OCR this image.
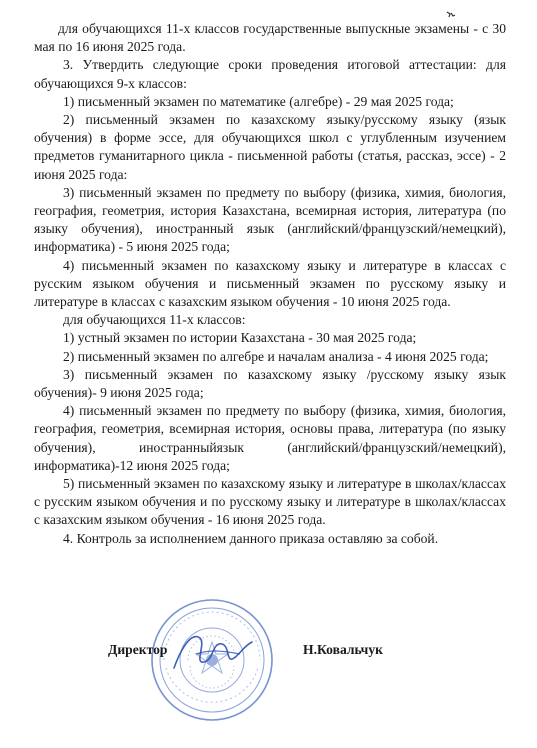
для обучающихся 11-х классов государственные выпускные экзамены - с 30 мая по 16 июня 2025 года.

3. Утвердить следующие сроки проведения итоговой аттестации: для обучающихся 9-х классов:

1) письменный экзамен по математике (алгебре) - 29 мая 2025 года;

2) письменный экзамен по казахскому языку/русскому языку (язык обучения) в форме эссе, для обучающихся школ с углубленным изучением предметов гуманитарного цикла - письменной работы (статья, рассказ, эссе) - 2 июня 2025 года:

3) письменный экзамен по предмету по выбору (физика, химия, биология, география, геометрия, история Казахстана, всемирная история, литература (по языку обучения), иностранный язык (английский/французский/немецкий), информатика) - 5 июня 2025 года;

4) письменный экзамен по казахскому языку и литературе в классах с русским языком обучения и письменный экзамен по русскому языку и литературе в классах с казахским языком обучения - 10 июня 2025 года.

для обучающихся 11-х классов:

1) устный экзамен по истории Казахстана - 30 мая 2025 года;

2) письменный экзамен по алгебре и началам анализа - 4 июня 2025 года;

3) письменный экзамен по казахскому языку /русскому языку язык обучения)- 9 июня 2025 года;

4) письменный экзамен по предмету по выбору (физика, химия, биология, география, геометрия, всемирная история, основы права, литература (по языку обучения), иностранныйязык (английский/французский/немецкий), информатика)-12 июня 2025 года;

5) письменный экзамен по казахскому языку и литературе в школах/классах с русским языком обучения и по русскому языку и литературе в школах/классах с казахским языком обучения - 16 июня 2025 года.

4. Контроль за исполнением данного приказа оставляю за собой.

Директор	Н.Ковальчук
